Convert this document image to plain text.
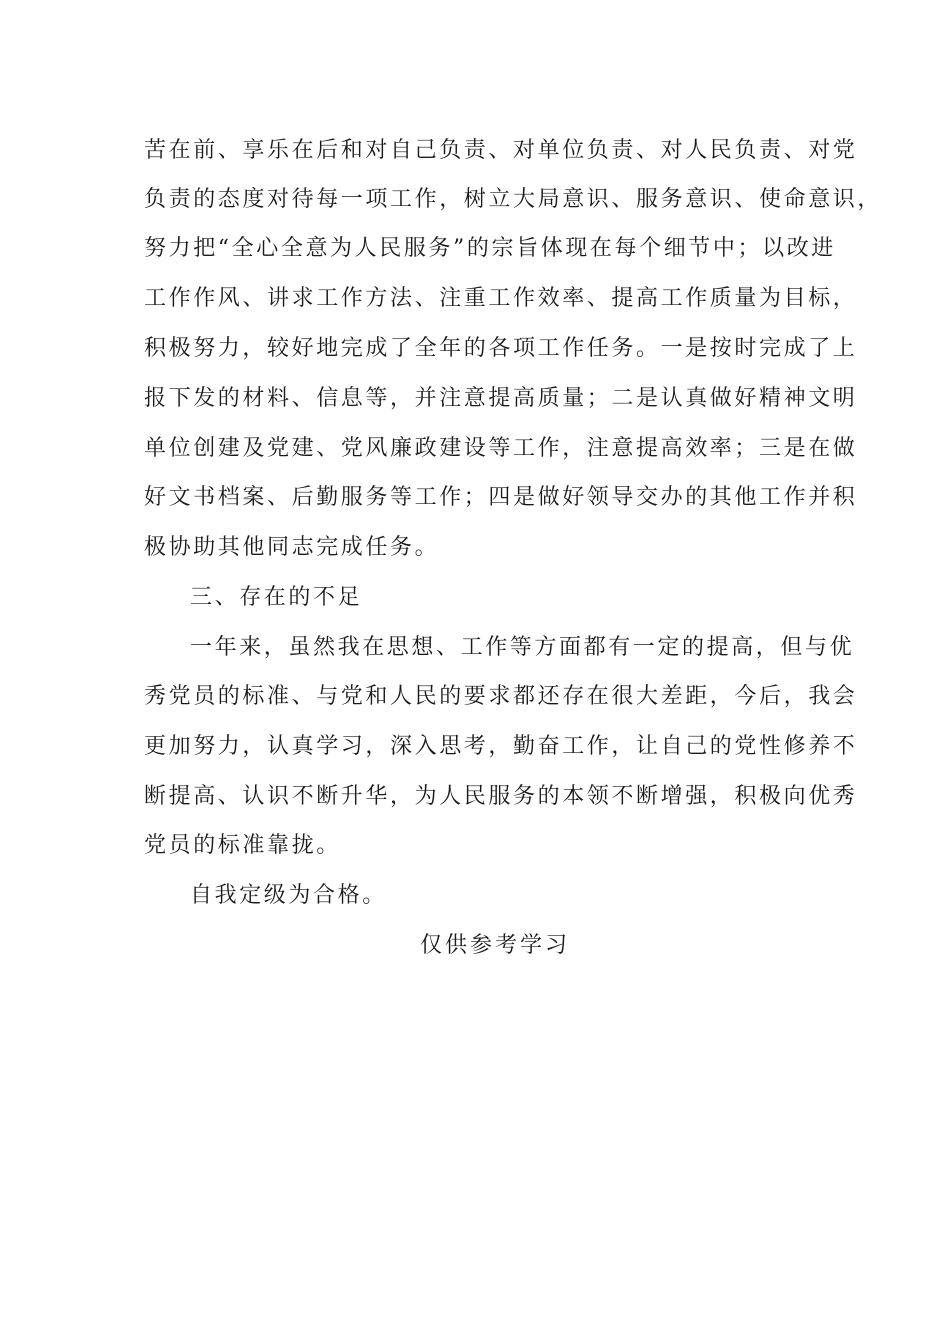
苦在前、享乐在后和对自己负责、对单位负责、对人民负责、对党
负责的态度对待每一项工作，树立大局意识、服务意识、使命意识，
努力把“全心全意为人民服务”的宗旨体现在每个细节中；以改进
工作作风、讲求工作方法、注重工作效率、提高工作质量为目标，
积极努力，较好地完成了全年的各项工作任务。一是按时完成了上
报下发的材料、信息等，并注意提高质量；二是认真做好精神文明
单位创建及党建、党风廉政建设等工作，注意提高效率；三是在做
好文书档案、后勤服务等工作；四是做好领导交办的其他工作并积
极协助其他同志完成任务。
三、存在的不足
一年来，虽然我在思想、工作等方面都有一定的提高，但与优
秀党员的标准、与党和人民的要求都还存在很大差距，今后，我会
更加努力，认真学习，深入思考，勤奋工作，让自己的党性修养不
断提高、认识不断升华，为人民服务的本领不断增强，积极向优秀
党员的标准靠拢。
自我定级为合格。
仅供参考学习
